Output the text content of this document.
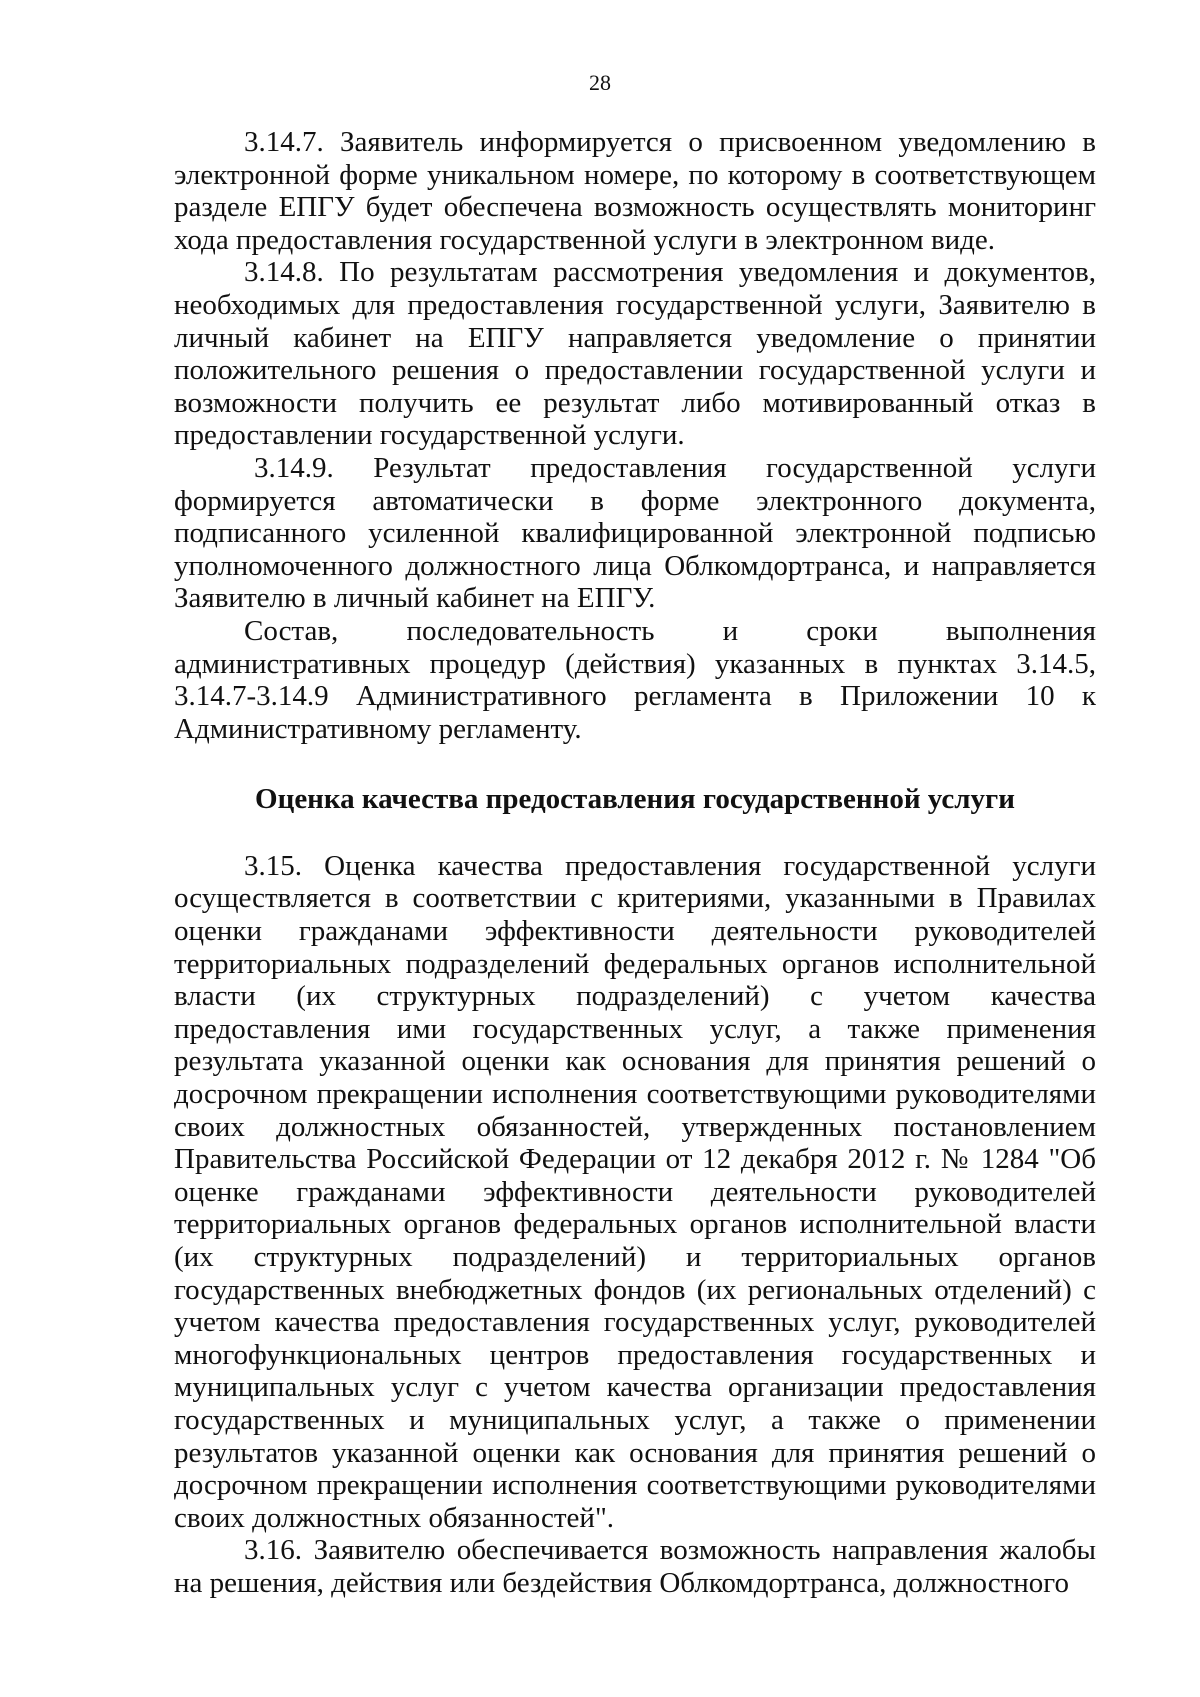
28

3.14.7. Заявитель информируется о присвоенном уведомлению в электронной форме уникальном номере, по которому в соответствующем разделе ЕПГУ будет обеспечена возможность осуществлять мониторинг хода предоставления государственной услуги в электронном виде.

3.14.8. По результатам рассмотрения уведомления и документов, необходимых для предоставления государственной услуги, Заявителю в личный кабинет на ЕПГУ направляется уведомление о принятии положительного решения о предоставлении государственной услуги и возможности получить ее результат либо мотивированный отказ в предоставлении государственной услуги.

3.14.9. Результат предоставления государственной услуги формируется автоматически в форме электронного документа, подписанного усиленной квалифицированной электронной подписью уполномоченного должностного лица Облкомдортранса, и направляется Заявителю в личный кабинет на ЕПГУ.

Состав, последовательность и сроки выполнения административных процедур (действия) указанных в пунктах 3.14.5, 3.14.7-3.14.9 Административного регламента в Приложении 10 к Административному регламенту.

Оценка качества предоставления государственной услуги

3.15. Оценка качества предоставления государственной услуги осуществляется в соответствии с критериями, указанными в Правилах оценки гражданами эффективности деятельности руководителей территориальных подразделений федеральных органов исполнительной власти (их структурных подразделений) с учетом качества предоставления ими государственных услуг, а также применения результата указанной оценки как основания для принятия решений о досрочном прекращении исполнения соответствующими руководителями своих должностных обязанностей, утвержденных постановлением Правительства Российской Федерации от 12 декабря 2012 г. № 1284 "Об оценке гражданами эффективности деятельности руководителей территориальных органов федеральных органов исполнительной власти (их структурных подразделений) и территориальных органов государственных внебюджетных фондов (их региональных отделений) с учетом качества предоставления государственных услуг, руководителей многофункциональных центров предоставления государственных и муниципальных услуг с учетом качества организации предоставления государственных и муниципальных услуг, а также о применении результатов указанной оценки как основания для принятия решений о досрочном прекращении исполнения соответствующими руководителями своих должностных обязанностей".

3.16. Заявителю обеспечивается возможность направления жалобы на решения, действия или бездействия Облкомдортранса, должностного
